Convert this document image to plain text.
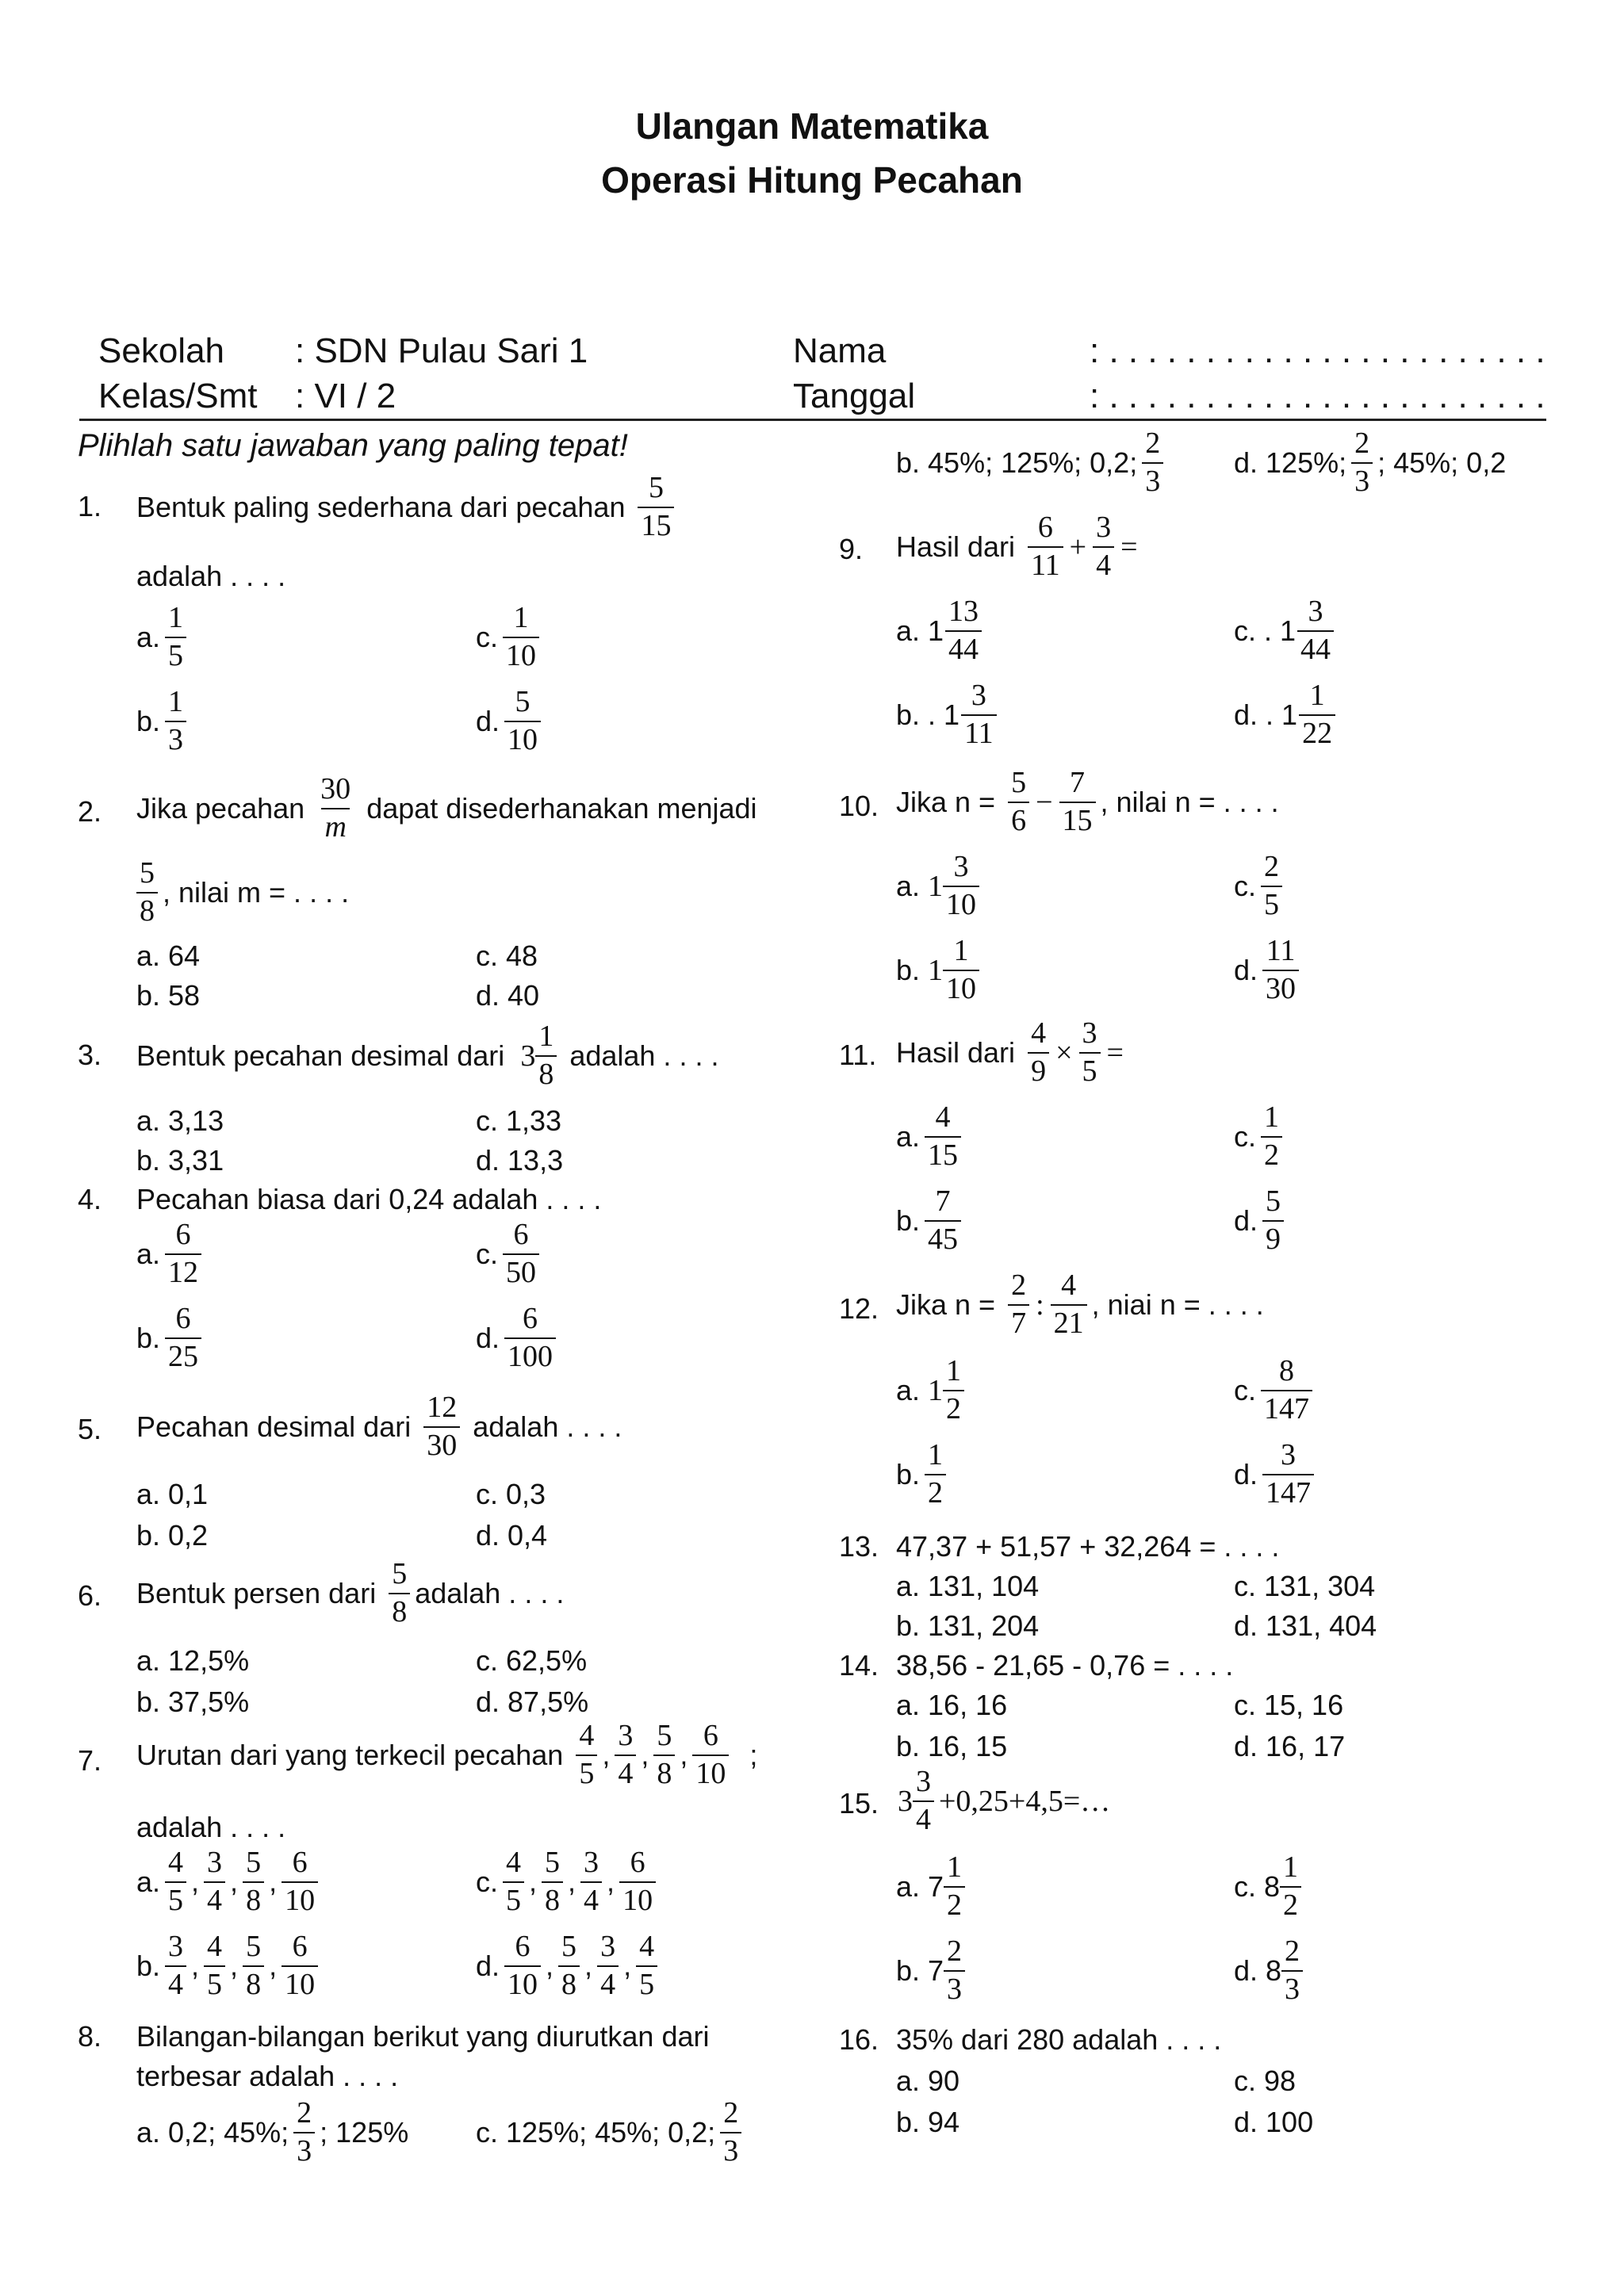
Ulangan Matematika
Operasi Hitung Pecahan
Sekolah : SDN Pulau Sari 1
Kelas/Smt : VI / 2
Nama	: . . . . . . . . . . . . . . . . . . . . . . .
Tanggal	: . . . . . . . . . . . . . . . . . . . . . . .
Plihlah satu jawaban yang paling tepat!
1. Bentuk paling sederhana dari pecahan $\frac{5}{15}$
adalah . . . .
a. $\frac{1}{5}$
b. $\frac{1}{3}$
c. $\frac{1}{10}$
d. $\frac{5}{10}$
2. Jika pecahan $\frac{30}{m}$ dapat disederhanakan menjadi
$\frac{5}{8}$ , nilai m = . . . .
a. 64
b. 58
c. 48
d. 40
3. Bentuk pecahan desimal dari $3 \frac{1}{8}$ adalah . . . .
a. 3,13
b. 3,31
c. 1,33
d. 13,3
4. Pecahan biasa dari 0,24 adalah . . . .
a. $\frac{6}{12}$
b. $\frac{6}{25}$
c. $\frac{6}{50}$
d. $\frac{6}{100}$
5. Pecahan desimal dari $\frac{12}{30}$ adalah . . . .
a. 0,1
b. 0,2
c. 0,3
d. 0,4
6. Bentuk persen dari $\frac{5}{8}$ adalah . . . .
a. 12,5%
b. 37,5%
c. 62,5%
d. 87,5%
7. Urutan dari yang terkecil pecahan $\frac{4}{5}$ , $\frac{3}{4}$ , $\frac{5}{8}$ , $\frac{6}{10}$ ;
adalah . . . .
a. $\frac{4}{5}$ , $\frac{3}{4}$ , $\frac{5}{8}$ , $\frac{6}{10}$
b. $\frac{3}{4}$ , $\frac{4}{5}$ , $\frac{5}{8}$ , $\frac{6}{10}$
c. $\frac{4}{5}$ , $\frac{5}{8}$ , $\frac{3}{4}$ , $\frac{6}{10}$
d. $\frac{6}{10}$ , $\frac{5}{8}$ , $\frac{3}{4}$ , $\frac{4}{5}$
8. Bilangan-bilangan berikut yang diurutkan dari
terbesar adalah . . . .
a. 0,2; 45%; $\frac{2}{3}$ ; 125% c. 125%; 45%; 0,2; $\frac{2}{3}$
b. 45%; 125%; 0,2; $\frac{2}{3} d$. 125%; $\frac{2}{3}$ ; 45%; 0,2
9. Hasil dari $\frac{6}{11} + \frac{3}{4}$ =
a. $1 \frac{13}{44}$
b. . $1 \frac{3}{11}$
c. . $1 \frac{3}{44}$
d. . $1 \frac{1}{22}$
10. Jika $n = \frac{5}{6} - \frac{7}{15}$ , nilai n = . . . .
a. $1 \frac{3}{10}$
b. $1 \frac{1}{10}$
c. $\frac{2}{5}$
d. $\frac{11}{30}$
11. Hasil dari $\frac{4}{9} \times \frac{3}{5}$ =
a. $\frac{4}{15}$
b. $\frac{7}{45}$
c. $\frac{1}{2}$
d. $\frac{5}{9}$
12. Jika $n = \frac{2}{7}$ : $\frac{4}{21}$ , niai n = . . . .
a. $1 \frac{1}{2}$
b. $\frac{1}{2}$
c. $\frac{8}{147}$
d. $\frac{3}{147}$
13. 47,37 + 51,57 + 32,264 = . . . .
a. 131, 104
b. 131, 204
c. 131, 304
d. 131, 404
14. 38,56 - 21,65 - 0,76 = . . . .
a. 16, 16
b. 16, 15
c. 15, 16
d. 16, 17
15. $3 \frac{3}{4}$ +0,25+4,5=…
a. $7 \frac{1}{2}$
b. $7 \frac{2}{3}$
c. $8 \frac{1}{2}$
d. $8 \frac{2}{3}$
16. 35% dari 280 adalah . . . .
a. 90
b. 94
c. 98
d. 100
